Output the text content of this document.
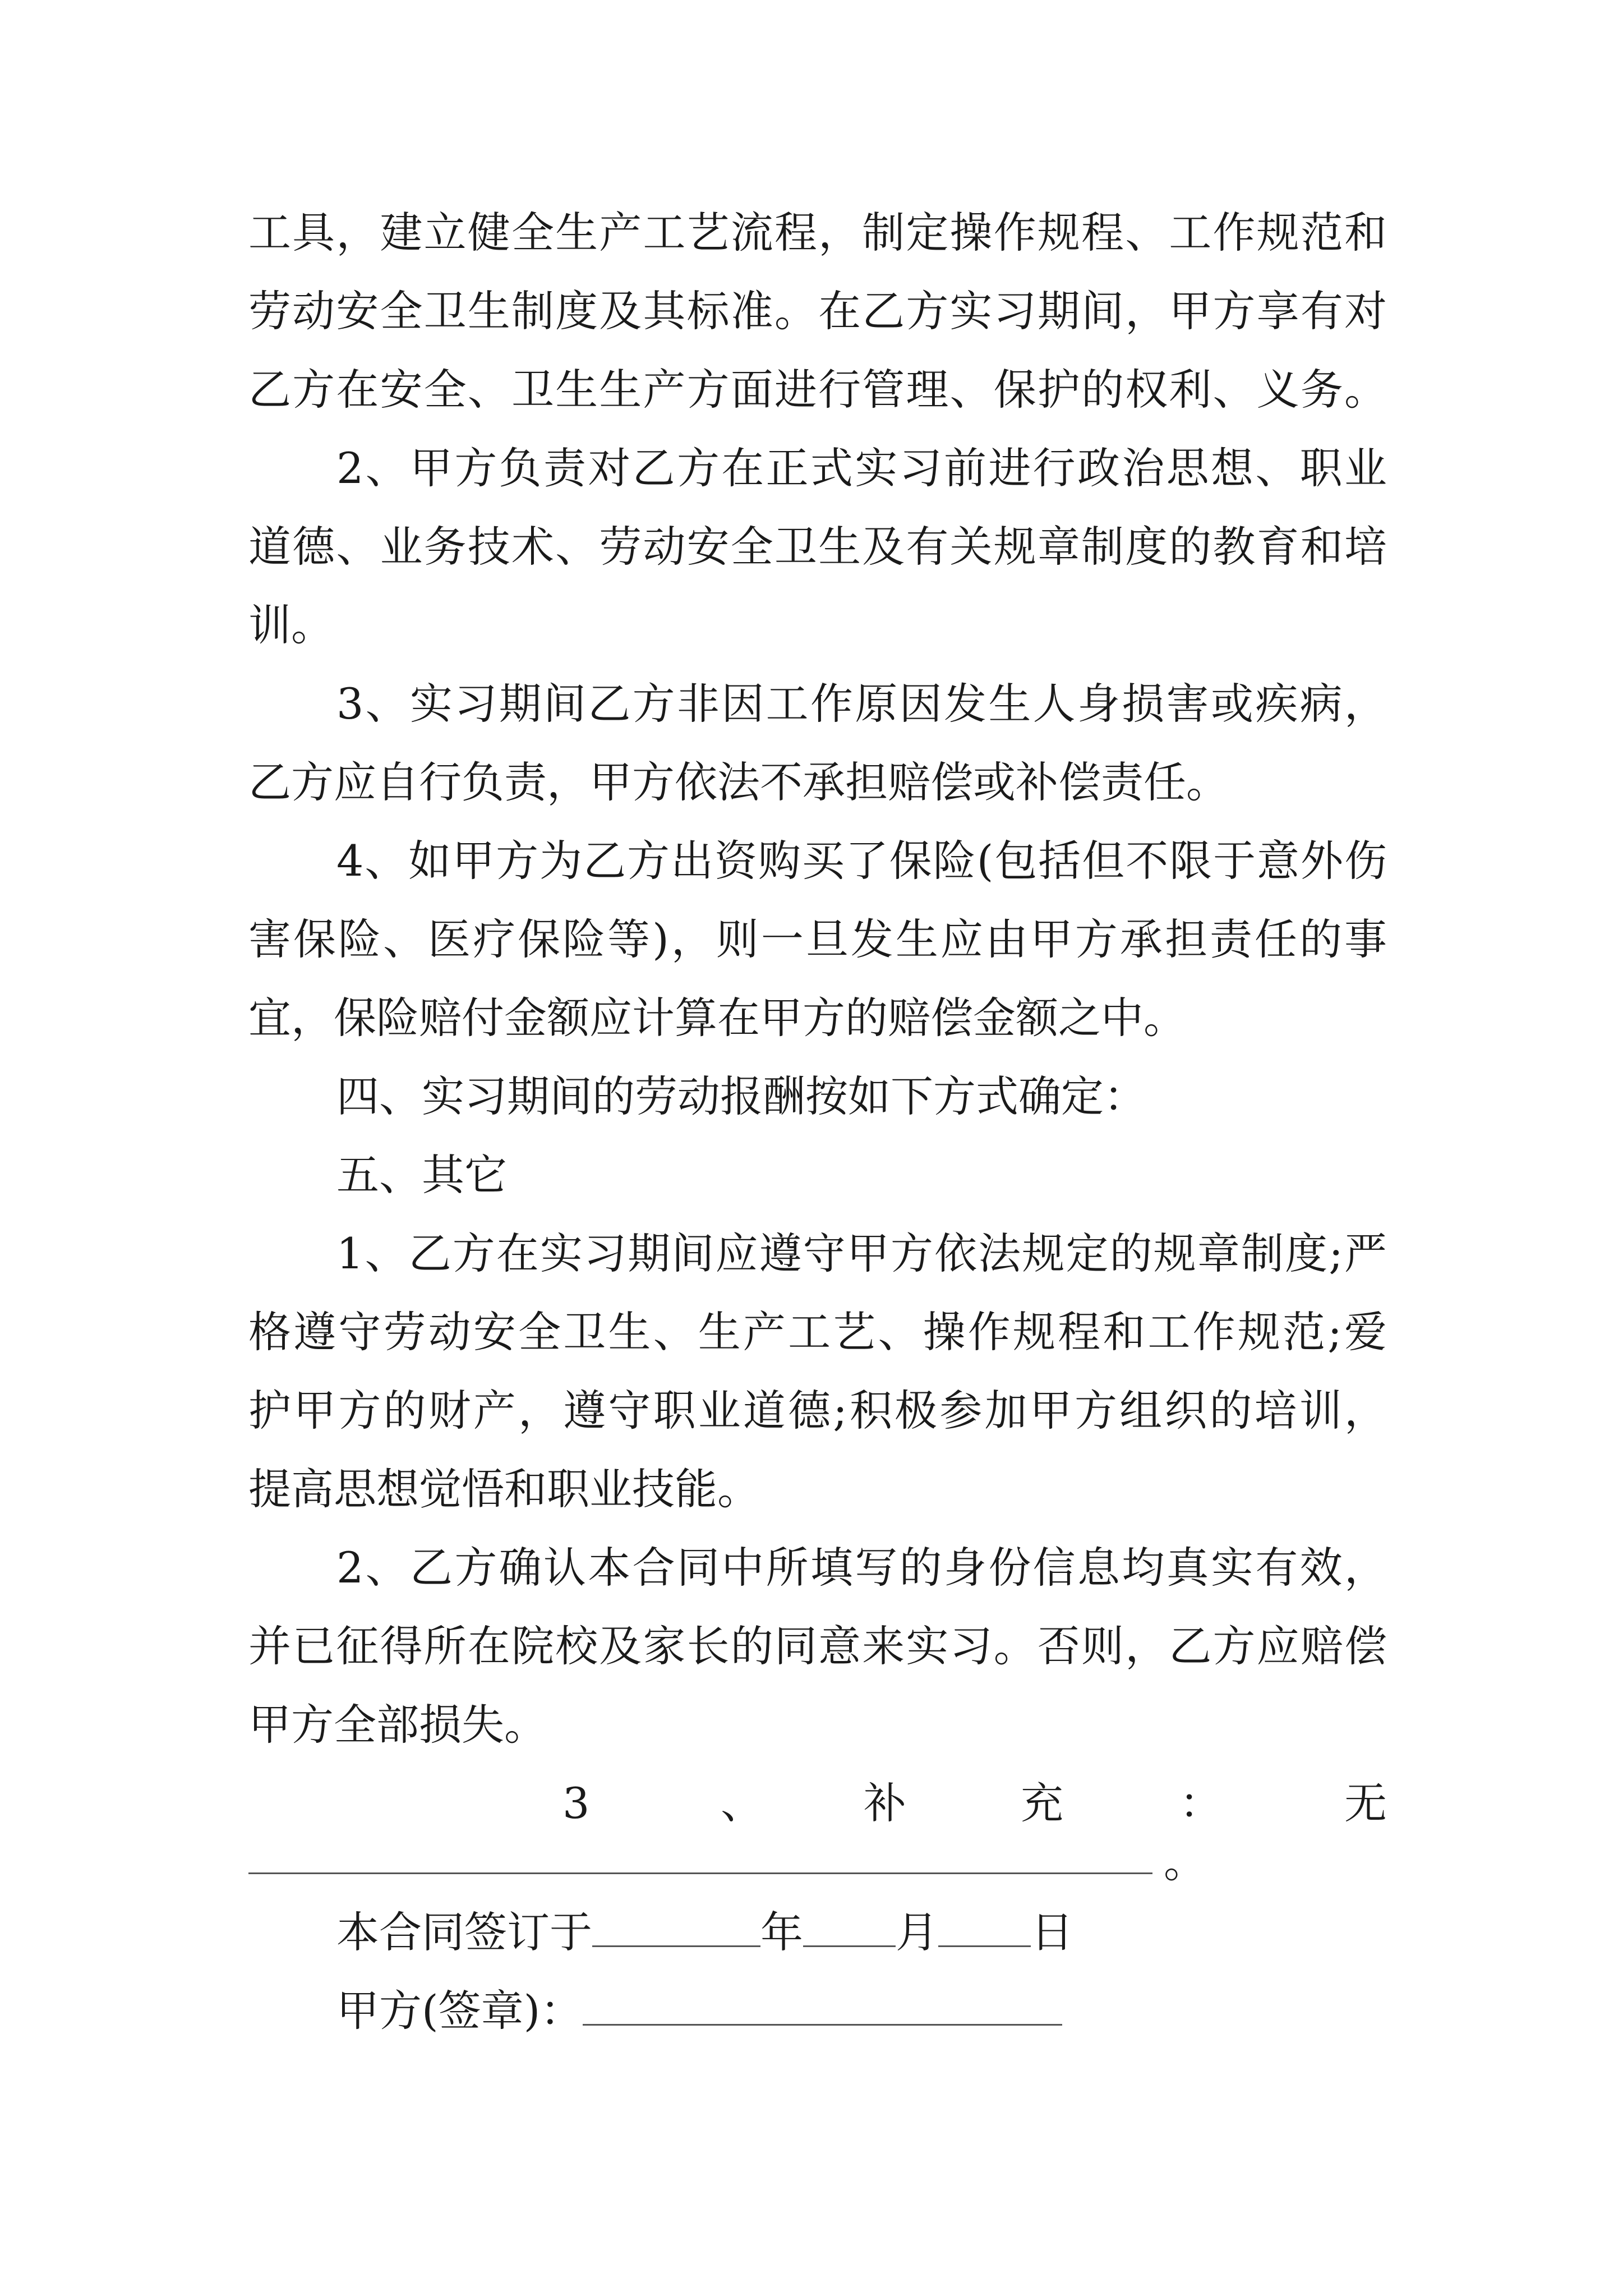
工具，建立健全生产工艺流程，制定操作规程、工作规范和
劳动安全卫生制度及其标准。在乙方实习期间，甲方享有对
乙方在安全、卫生生产方面进行管理、保护的权利、义务。
2、甲方负责对乙方在正式实习前进行政治思想、职业
道德、业务技术、劳动安全卫生及有关规章制度的教育和培
训。
3、实习期间乙方非因工作原因发生人身损害或疾病，
乙方应自行负责，甲方依法不承担赔偿或补偿责任。
4、如甲方为乙方出资购买了保险(包括但不限于意外伤
害保险、医疗保险等)，则一旦发生应由甲方承担责任的事
宜，保险赔付金额应计算在甲方的赔偿金额之中。
四、实习期间的劳动报酬按如下方式确定：
五、其它
1、乙方在实习期间应遵守甲方依法规定的规章制度;严
格遵守劳动安全卫生、生产工艺、操作规程和工作规范;爱
护甲方的财产，遵守职业道德;积极参加甲方组织的培训，
提高思想觉悟和职业技能。
2、乙方确认本合同中所填写的身份信息均真实有效，
并已征得所在院校及家长的同意来实习。否则，乙方应赔偿
甲方全部损失。
3	、 补	充	：	无
。
本合同签订于	年 月 日
甲方(签章)：
